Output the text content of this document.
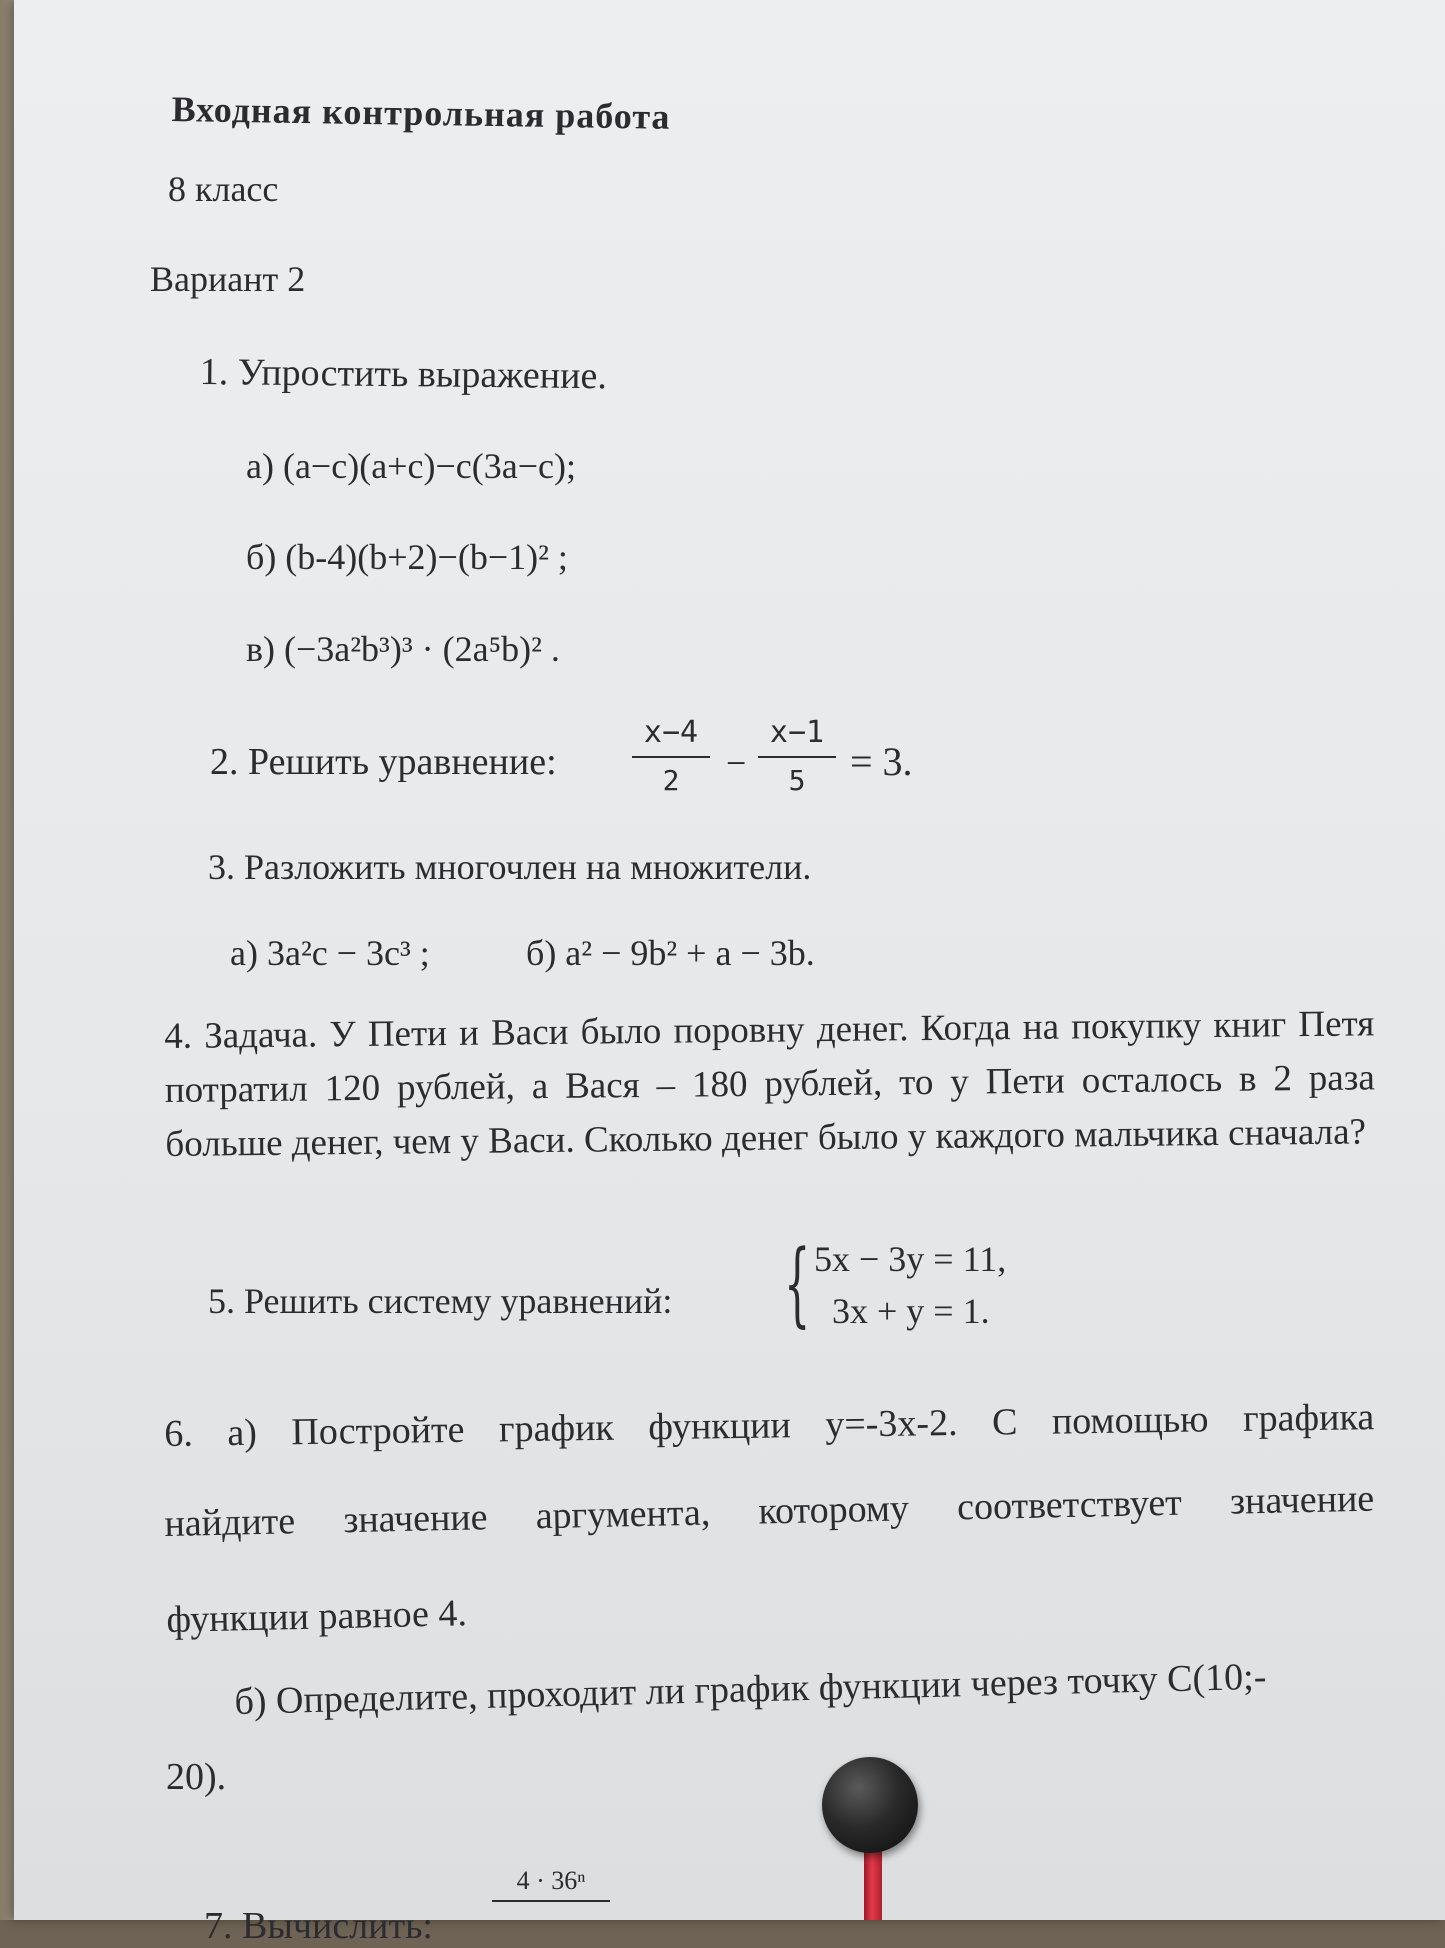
Входная контрольная работа
8 класс
Вариант 2
1. Упростить выражение.
а) (a−c)(a+c)−c(3a−c);
б) (b-4)(b+2)−(b−1)² ;
в) (−3a²b³)³ · (2a⁵b)² .
2. Решить уравнение:
x−4
2 −
x−1
5 = 3.
3. Разложить многочлен на множители.
а) 3a²c − 3c³ ;	б) a² − 9b² + a − 3b.
4. Задача. У Пети и Васи было поровну денег. Когда на покупку книг Петя потратил 120 рублей, а Вася – 180 рублей, то у Пети осталось в 2 раза больше денег, чем у Васи. Сколько денег было у каждого мальчика сначала?
5. Решить систему уравнений: { 5x − 3y = 11,
3x + y = 1.
6. а) Постройте график функции y=-3x-2. С помощью графика
найдите значение аргумента, которому соответствует значение
функции равное 4.
б) Определите, проходит ли график функции через точку С(10;-
20).
4 · 36ⁿ
7. Вычислить:
